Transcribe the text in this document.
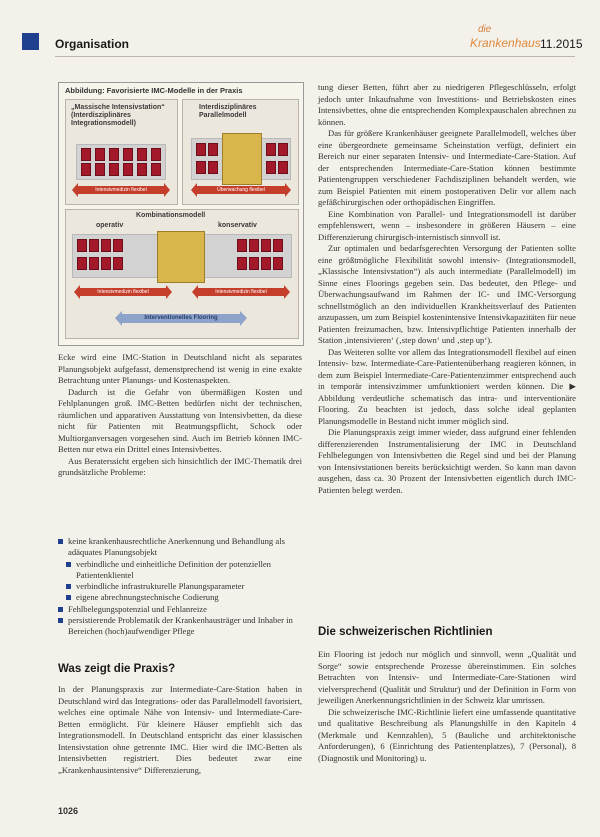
Organisation
die
Krankenhaus 11.2015
Abbildung: Favorisierte IMC-Modelle in der Praxis
„Massische Intensivstation“ (Interdisziplinäres Integrationsmodell)
Intensivmedizin flexibel
Interdisziplinäres Parallelmodell
Überwachung flexibel
Kombinationsmodell
operativ	konservativ
Intensivmedizin flexibel	Intensivmedizin flexibel
Interventionelles Flooring

Ecke wird eine IMC-Station in Deutschland nicht als separates Planungsobjekt aufgefasst, demenstprechend ist wenig in eine exakte Betrachtung unter Planungs- und Kostenaspekten.

Dadurch ist die Gefahr von übermäßigen Kosten und Fehlplanungen groß. IMC-Betten bedürfen nicht der technischen, räumlichen und apparativen Ausstattung von Intensivbetten, da diese nicht für Patienten mit Beatmungspflicht, Schock oder Multiorganversagen vorgesehen sind. Auch im Betrieb können IMC-Betten nur etwa ein Drittel eines Intensivbettes.

Aus Beraterssicht ergeben sich hinsichtlich der IMC-Thematik drei grundsätzliche Probleme:

keine krankenhausrechtliche Anerkennung und Behandlung als adäquates Planungsobjekt
verbindliche und einheitliche Definition der potenziellen Patientenklientel
verbindliche infrastrukturelle Planungsparameter
eigene abrechnungstechnische Codierung
Fehlbelegungspotenzial und Fehlanreize
persistierende Problematik der Krankenhausträger und Inhaber in Bereichen (hoch)aufwendiger Pflege
Was zeigt die Praxis?

In der Planungspraxis zur Intermediate-Care-Station haben in Deutschland wird das Integrations- oder das Parallelmodell favorisiert, welches eine optimale Nähe von Intensiv- und Intermediate-Care-Betten ermöglicht. Für kleinere Häuser empfiehlt sich das Integrationsmodell. In Deutschland entspricht das einer klassischen Intensivstation ohne getrennte IMC. Hier wird die IMC-Betten als Intensivbetten registriert. Dies bedeutet zwar eine „Krankenhausintensive“ Differenzierung,

tung dieser Betten, führt aber zu niedrigeren Pflegeschlüsseln, erfolgt jedoch unter Inkaufnahme von Investitions- und Betriebskosten eines Intensivbettes, ohne die entsprechenden Komplexpauschalen abrechnen zu können.

Das für größere Krankenhäuser geeignete Parallelmodell, welches über eine übergeordnete gemeinsame Scheinstation verfügt, definiert ein Bereich nur einer separaten Intensiv- und Intermediate-Care-Station. Auf der entsprechenden Intermediate-Care-Station können bestimmte Patientengruppen verschiedener Fachdisziplinen behandelt werden, wie zum Beispiel Patienten mit einem postoperativen Delir vor allem nach gefäßchirurgischen oder orthopädischen Eingriffen.

Eine Kombination von Parallel- und Integrationsmodell ist darüber empfehlenswert, wenn – insbesondere in größeren Häusern – eine Differenzierung chirurgisch-internistisch sinnvoll ist.

Zur optimalen und bedarfsgerechten Versorgung der Patienten sollte eine größtmögliche Flexibilität sowohl intensiv- (Integrationsmodell, „Klassische Intensivstation“) als auch intermediate (Parallelmodell) im Sinne eines Floorings gegeben sein. Das bedeutet, den Pflege- und Überwachungsaufwand im Rahmen der IC- und IMC-Versorgung schnellstmöglich an den individuellen Krankheitsverlauf des Patienten anzupassen, um zum Beispiel kostenintensive Intensivkapazitäten für neue Patienten freizumachen, bzw. Intensivpflichtige Patienten innerhalb der Station ,intensivieren‘ (‚step down‘ und ‚step up‘).

Das Weiteren sollte vor allem das Integrationsmodell flexibel auf einen Intensiv- bzw. Intermediate-Care-Patientenüberhang reagieren können, in dem zum Beispiel Intermediate-Care-Patientenzimmer entsprechend auch in temporär intensivzimmer umfunktioniert werden können. Die ▶ Abbildung verdeutliche schematisch das intra- und interventionäre Flooring. Zu beachten ist jedoch, dass solche ideal geplanten Planungsmodelle in Bestand nicht immer möglich sind.

Die Planungspraxis zeigt immer wieder, dass aufgrund einer fehlenden differenzierenden Instrumentalisierung der IMC in Deutschland Fehlbelegungen von Intensivbetten die Regel sind und bei der Planung von Intensivstationen bereits berücksichtigt werden. So kann man davon ausgehen, dass ca. 30 Prozent der Intensivbetten eigentlich durch IMC-Patienten belegt werden.

Die schweizerischen Richtlinien

Ein Flooring ist jedoch nur möglich und sinnvoll, wenn „Qualität und Sorge“ sowie entsprechende Prozesse übereinstimmen. Ein solches Betrachten von Intensiv- und Intermediate-Care-Stationen wird vielversprechend (Qualität und Struktur) und der Definition in Form von jeweiligen Anerkennungsrichtlinien in der Schweiz klar umrissen.

Die schweizerische IMC-Richtlinie liefert eine umfassende quantitative und qualitative Beschreibung als Planungshilfe in den Kapiteln 4 (Merkmale und Kennzahlen), 5 (Bauliche und architektonische Anforderungen), 6 (Einrichtung des Patientenplatzes), 7 (Personal), 8 (Diagnostik und Monitoring) u.

1026
